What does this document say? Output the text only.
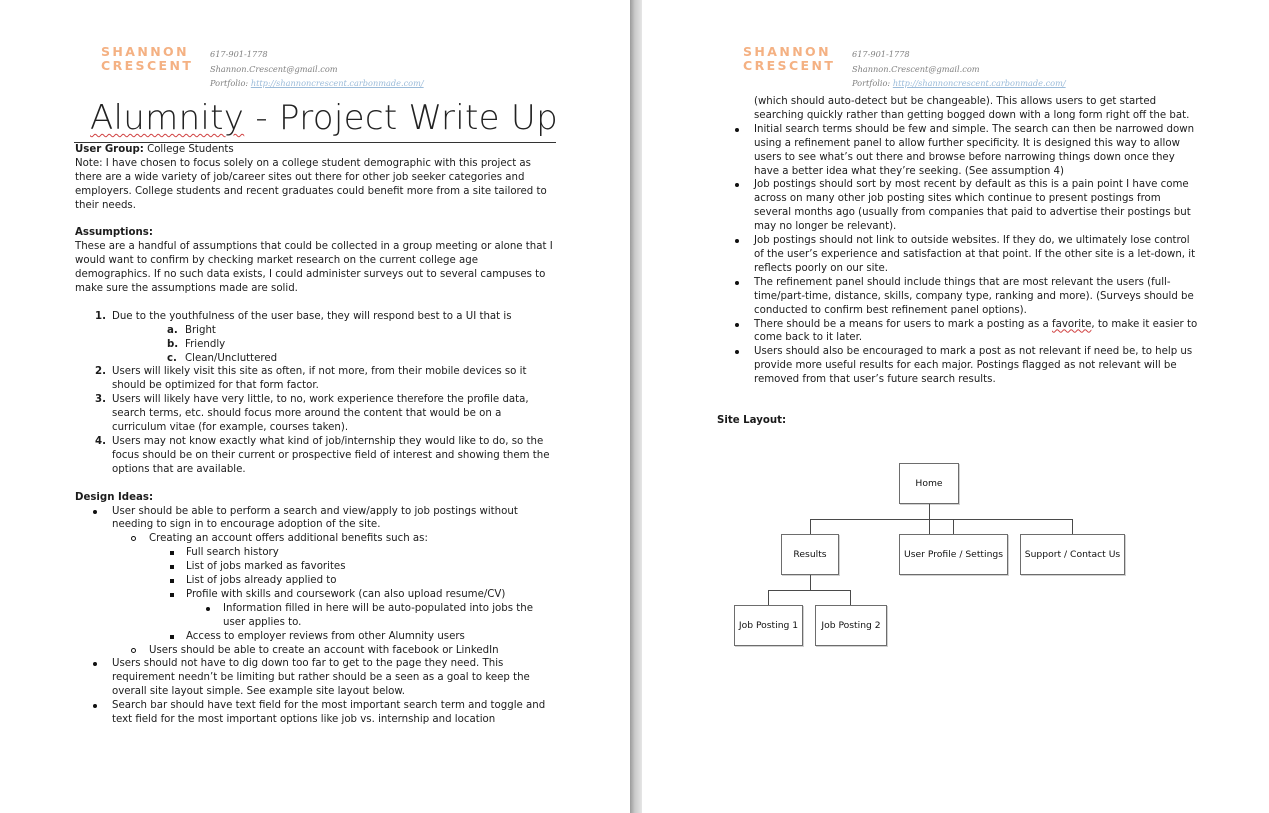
SHANNON
CRESCENT
617-901-1778
Shannon.Crescent@gmail.com
Portfolio: http://shannoncrescent.carbonmade.com/
Alumnity - Project Write Up

User Group: College Students

Note: I have chosen to focus solely on a college student demographic with this project as there are a wide variety of job/career sites out there for other job seeker categories and employers. College students and recent graduates could benefit more from a site tailored to their needs.

Assumptions:

These are a handful of assumptions that could be collected in a group meeting or alone that I would want to confirm by checking market research on the current college age demographics. If no such data exists, I could administer surveys out to several campuses to make sure the assumptions made are solid.

1. Due to the youthfulness of the user base, they will respond best to a UI that is
a. Bright
b. Friendly
c. Clean/Uncluttered
2. Users will likely visit this site as often, if not more, from their mobile devices so it should be optimized for that form factor.
3. Users will likely have very little, to no, work experience therefore the profile data, search terms, etc. should focus more around the content that would be on a curriculum vitae (for example, courses taken).
4. Users may not know exactly what kind of job/internship they would like to do, so the focus should be on their current or prospective field of interest and showing them the options that are available.

Design Ideas:

User should be able to perform a search and view/apply to job postings without needing to sign in to encourage adoption of the site.
Creating an account offers additional benefits such as:
Full search history
List of jobs marked as favorites
List of jobs already applied to
Profile with skills and coursework (can also upload resume/CV)
Information filled in here will be auto-populated into jobs the user applies to.
Access to employer reviews from other Alumnity users
Users should be able to create an account with facebook or LinkedIn
Users should not have to dig down too far to get to the page they need. This requirement needn’t be limiting but rather should be a seen as a goal to keep the overall site layout simple. See example site layout below.
Search bar should have text field for the most important search term and toggle and text field for the most important options like job vs. internship and location
SHANNON
CRESCENT
617-901-1778
Shannon.Crescent@gmail.com
Portfolio: http://shannoncrescent.carbonmade.com/

(which should auto-detect but be changeable). This allows users to get started searching quickly rather than getting bogged down with a long form right off the bat.

Initial search terms should be few and simple. The search can then be narrowed down using a refinement panel to allow further specificity. It is designed this way to allow users to see what’s out there and browse before narrowing things down once they have a better idea what they’re seeking. (See assumption 4)
Job postings should sort by most recent by default as this is a pain point I have come across on many other job posting sites which continue to present postings from several months ago (usually from companies that paid to advertise their postings but may no longer be relevant).
Job postings should not link to outside websites. If they do, we ultimately lose control of the user’s experience and satisfaction at that point. If the other site is a let-down, it reflects poorly on our site.
The refinement panel should include things that are most relevant the users (full-time/part-time, distance, skills, company type, ranking and more). (Surveys should be conducted to confirm best refinement panel options).
There should be a means for users to mark a posting as a favorite, to make it easier to come back to it later.
Users should also be encouraged to mark a post as not relevant if need be, to help us provide more useful results for each major. Postings flagged as not relevant will be removed from that user’s future search results.
Site Layout:
Home
Results	User Profile / Settings	Support / Contact Us
Job Posting 1	Job Posting 2
